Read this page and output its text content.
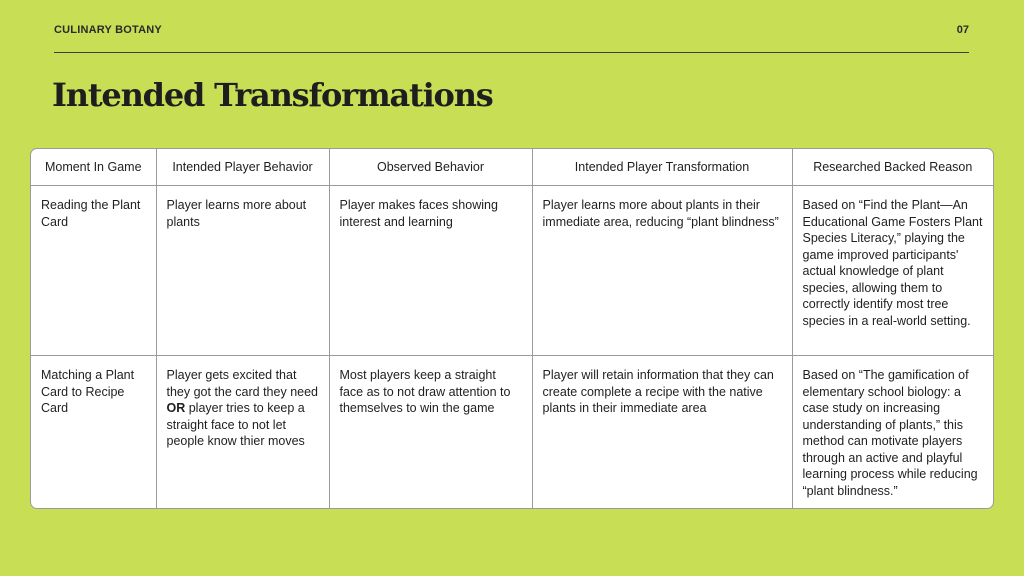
CULINARY BOTANY	07
Intended Transformations
Moment In Game	Intended Player Behavior	Observed Behavior	Intended Player Transformation	Researched Backed Reason
Reading the Plant Card	Player learns more about plants	Player makes faces showing interest and learning	Player learns more about plants in their immediate area, reducing “plant blindness”	Based on “Find the Plant—An Educational Game Fosters Plant Species Literacy,” playing the game improved participants' actual knowledge of plant species, allowing them to correctly identify most tree species in a real-world setting.
Matching a Plant Card to Recipe Card	Player gets excited that they got the card they need OR player tries to keep a straight face to not let people know thier moves	Most players keep a straight face as to not draw attention to themselves to win the game	Player will retain information that they can create complete a recipe with the native plants in their immediate area	Based on “The gamification of elementary school biology: a case study on increasing understanding of plants,” this method can motivate players through an active and playful learning process while reducing “plant blindness.”
